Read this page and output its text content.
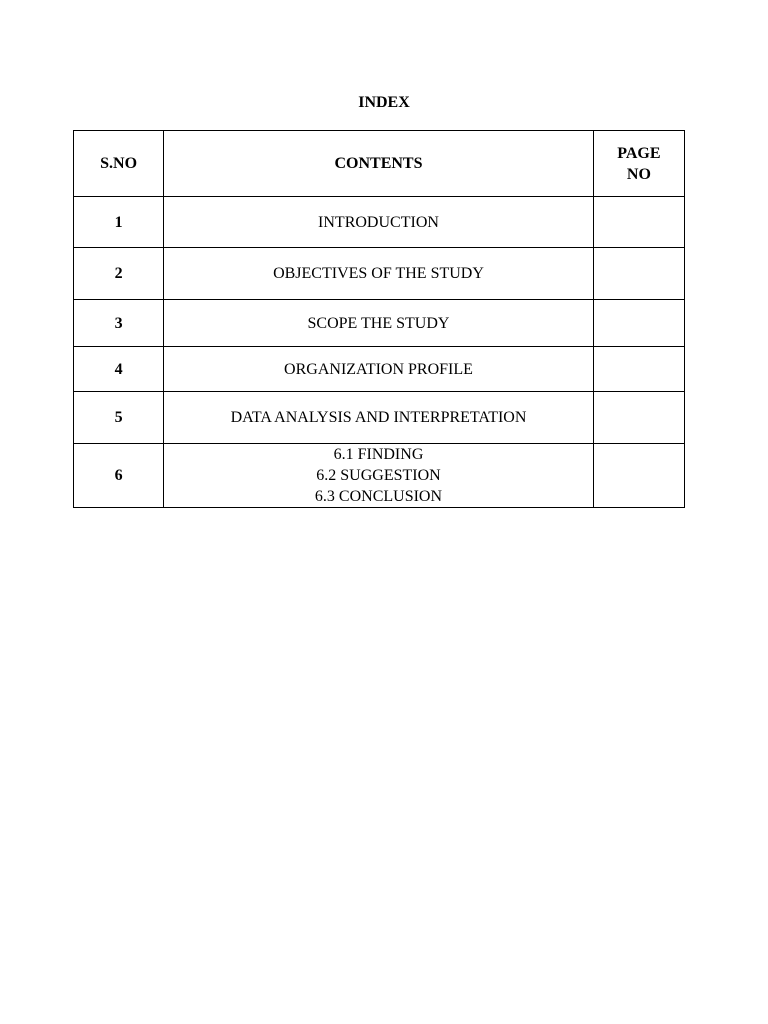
INDEX
S.NO	CONTENTS	PAGE
NO

1	INTRODUCTION	
2	OBJECTIVES OF THE STUDY	
3	SCOPE THE STUDY	
4	ORGANIZATION PROFILE	
5	DATA ANALYSIS AND INTERPRETATION	
6	6.1 FINDING
6.2 SUGGESTION
6.3 CONCLUSION	
